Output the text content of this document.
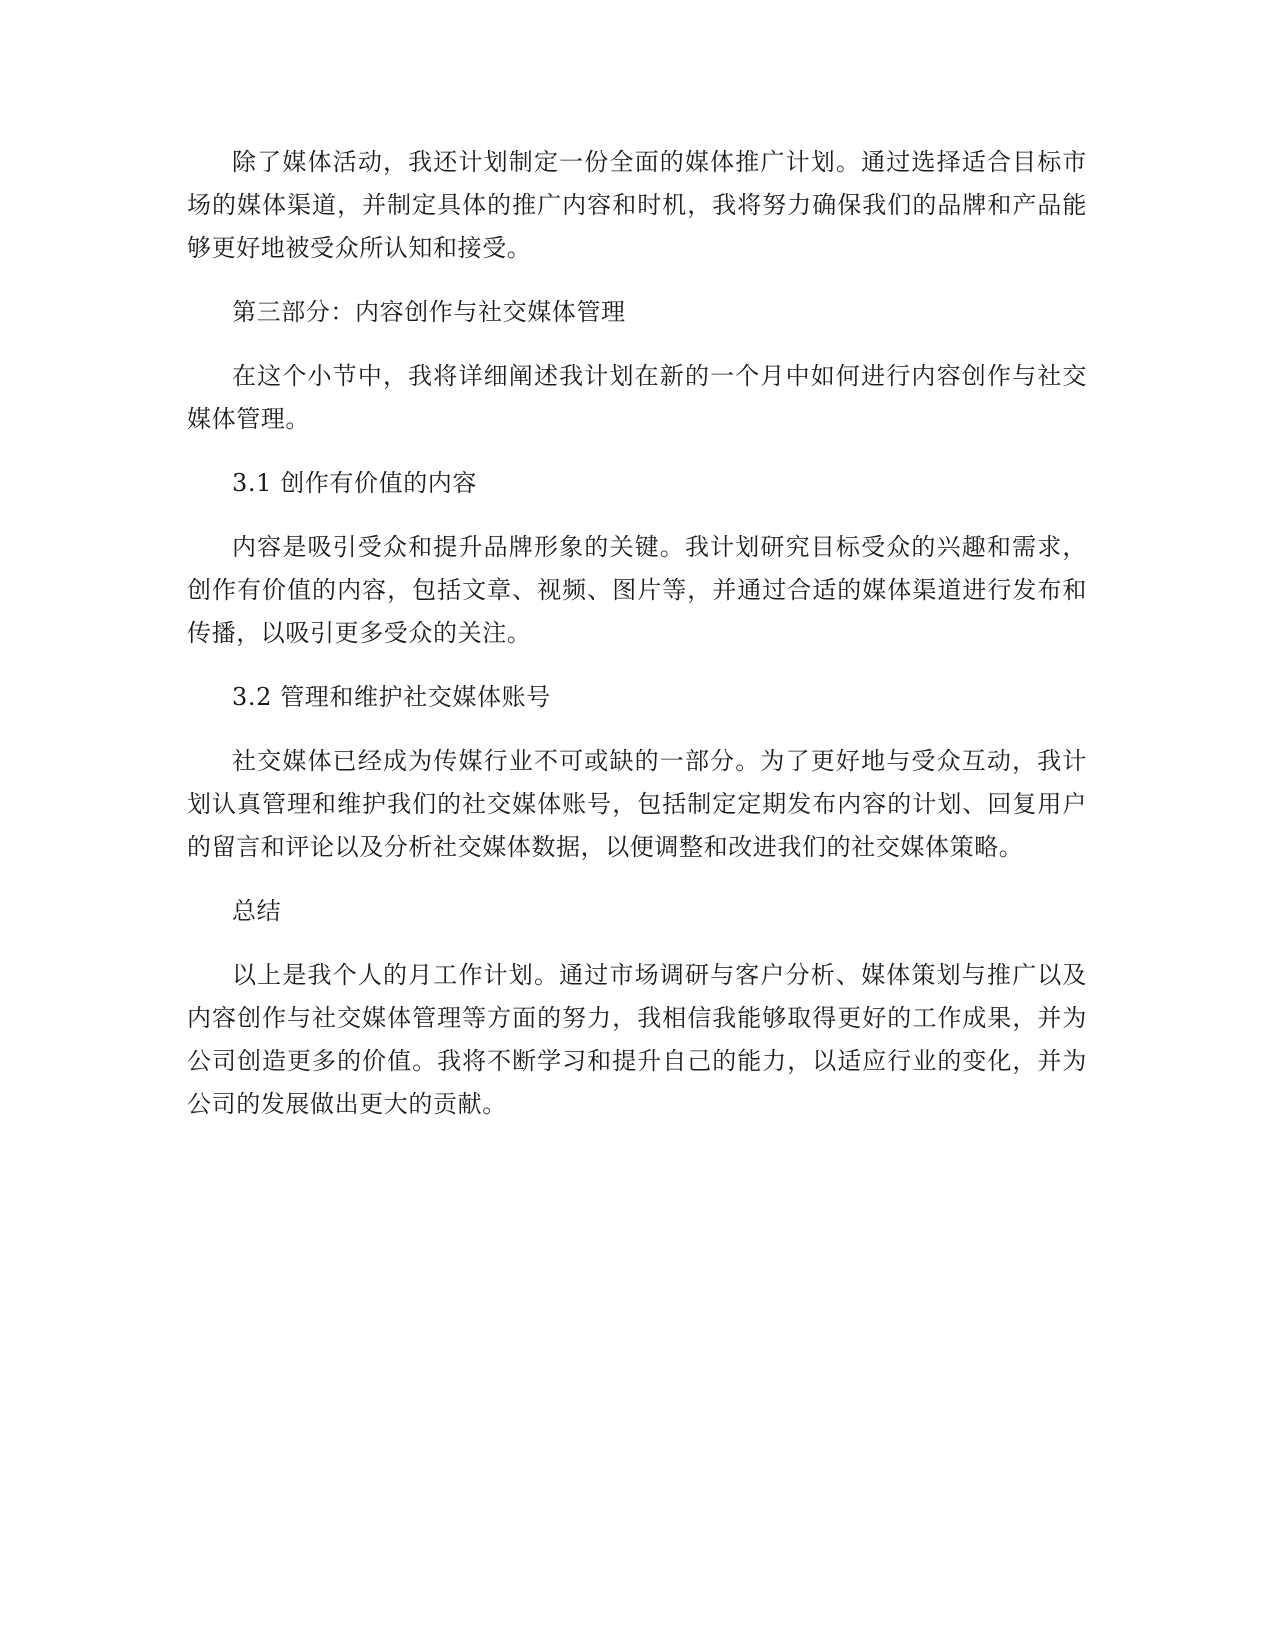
除了媒体活动，我还计划制定一份全面的媒体推广计划。通过选择适合目标市场的媒体渠道，并制定具体的推广内容和时机，我将努力确保我们的品牌和产品能够更好地被受众所认知和接受。

第三部分：内容创作与社交媒体管理

在这个小节中，我将详细阐述我计划在新的一个月中如何进行内容创作与社交媒体管理。

3.1 创作有价值的内容

内容是吸引受众和提升品牌形象的关键。我计划研究目标受众的兴趣和需求，创作有价值的内容，包括文章、视频、图片等，并通过合适的媒体渠道进行发布和传播，以吸引更多受众的关注。

3.2 管理和维护社交媒体账号

社交媒体已经成为传媒行业不可或缺的一部分。为了更好地与受众互动，我计划认真管理和维护我们的社交媒体账号，包括制定定期发布内容的计划、回复用户的留言和评论以及分析社交媒体数据，以便调整和改进我们的社交媒体策略。

总结

以上是我个人的月工作计划。通过市场调研与客户分析、媒体策划与推广以及内容创作与社交媒体管理等方面的努力，我相信我能够取得更好的工作成果，并为公司创造更多的价值。我将不断学习和提升自己的能力，以适应行业的变化，并为公司的发展做出更大的贡献。
